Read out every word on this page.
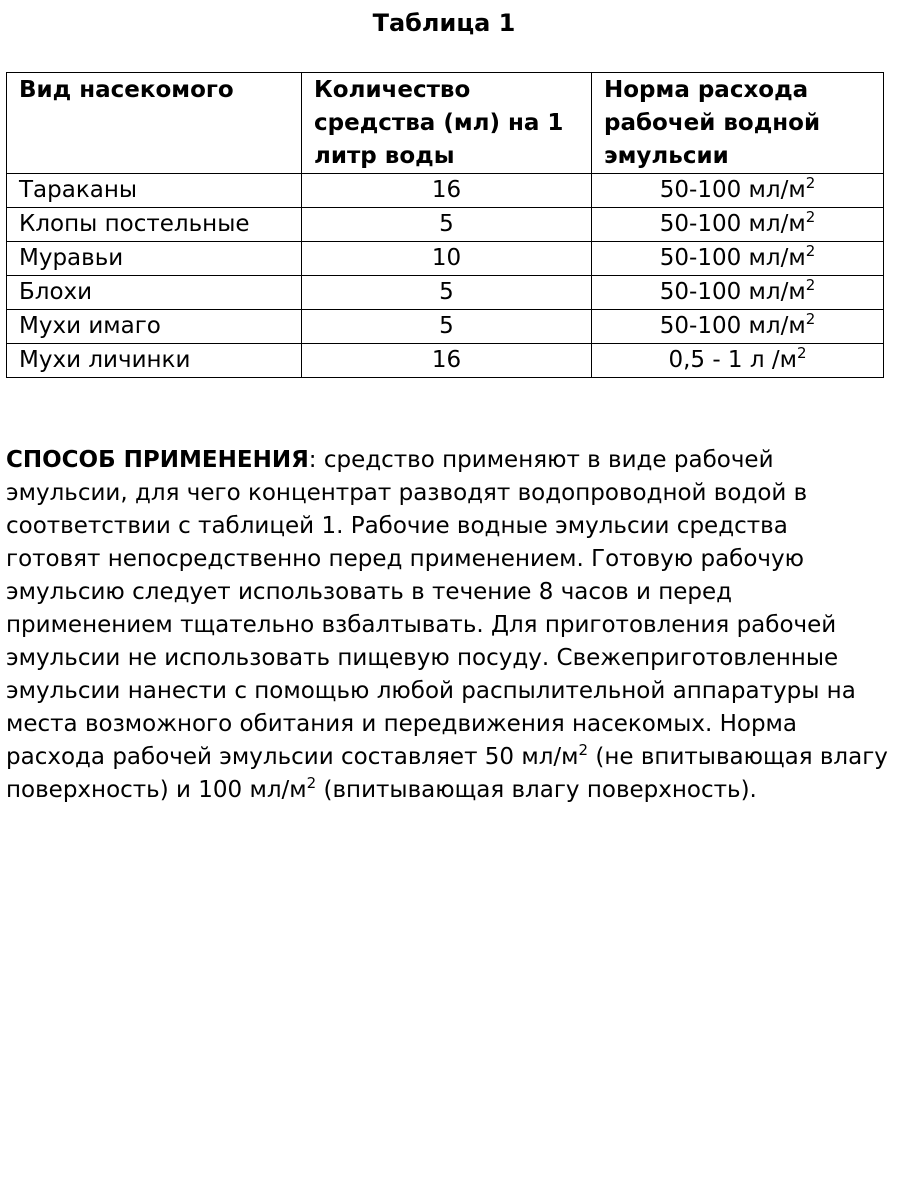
Таблица 1
Вид насекомого	Количество средства (мл) на 1 литр воды	Норма расхода рабочей водной эмульсии
Тараканы	16	50-100 $мл/м^2$
Клопы постельные	5	50-100 $мл/м^2$
Муравьи	10	50-100 $мл/м^2$
Блохи	5	50-100 $мл/м^2$
Мухи имаго	5	50-100 $мл/м^2$
Мухи личинки	16	0,5 - 1 л $/м^2$
СПОСОБ ПРИМЕНЕНИЯ: средство применяют в виде рабочей эмульсии, для чего концентрат разводят водопроводной водой в соответствии с таблицей 1. Рабочие водные эмульсии средства готовят непосредственно перед применением. Готовую рабочую эмульсию следует использовать в течение 8 часов и перед применением тщательно взбалтывать. Для приготовления рабочей эмульсии не использовать пищевую посуду. Свежеприготовленные эмульсии нанести с помощью любой распылительной аппаратуры на места возможного обитания и передвижения насекомых. Норма расхода рабочей эмульсии составляет 50 $мл/м^2$ (не впитывающая влагу поверхность) и 100 $мл/м^2$ (впитывающая влагу поверхность).
